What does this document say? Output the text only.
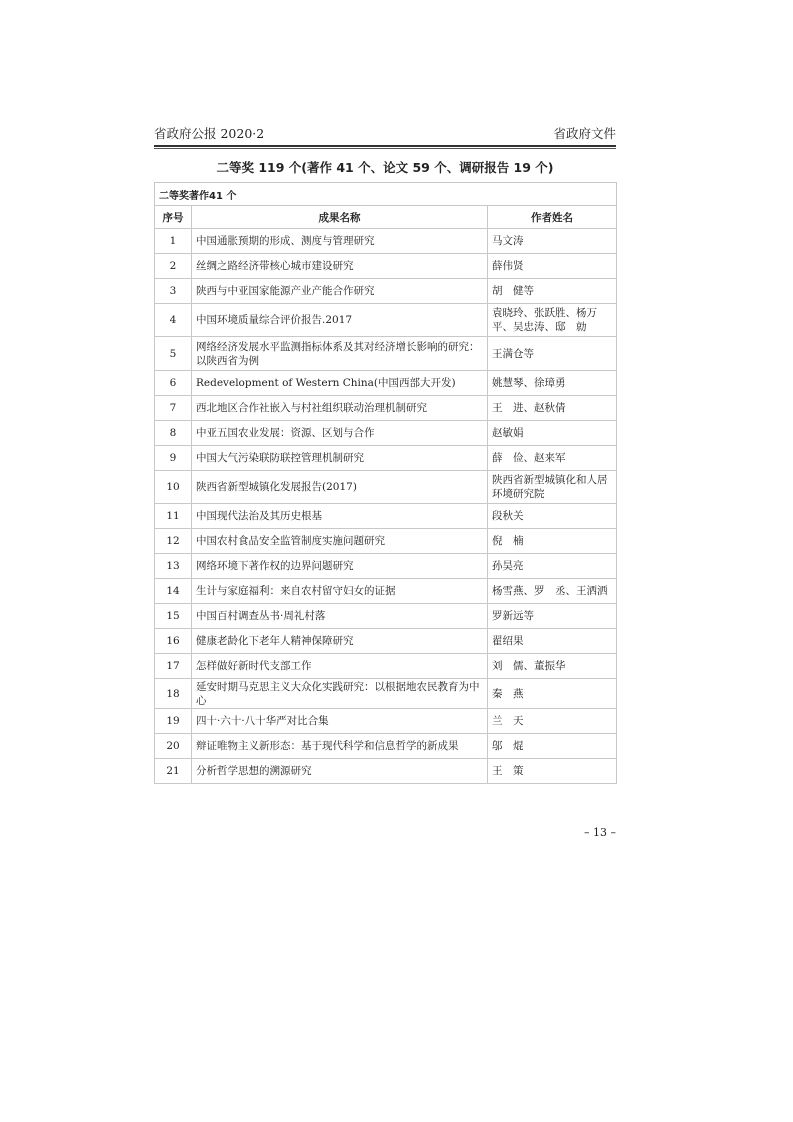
省政府公报 2020·2	省政府文件
二等奖 119 个(著作 41 个、论文 59 个、调研报告 19 个)
二等奖著作41 个		
序号	成果名称	作者姓名
1	中国通胀预期的形成、测度与管理研究	马文涛
2	丝绸之路经济带核心城市建设研究	薛伟贤
3	陕西与中亚国家能源产业产能合作研究	胡　健等
4	中国环境质量综合评价报告.2017	袁晓玲、张跃胜、杨万平、吴忠涛、邸　勍
5	网络经济发展水平监测指标体系及其对经济增长影响的研究：以陕西省为例	王满仓等
6	Redevelopment of Western China(中国西部大开发)	姚慧琴、徐璋勇
7	西北地区合作社嵌入与村社组织联动治理机制研究	王　进、赵秋倩
8	中亚五国农业发展：资源、区划与合作	赵敏娟
9	中国大气污染联防联控管理机制研究	薛　俭、赵来军
10	陕西省新型城镇化发展报告(2017)	陕西省新型城镇化和人居环境研究院
11	中国现代法治及其历史根基	段秋关
12	中国农村食品安全监管制度实施问题研究	倪　楠
13	网络环境下著作权的边界问题研究	孙昊亮
14	生计与家庭福利：来自农村留守妇女的证据	杨雪燕、罗　丞、王洒洒
15	中国百村调查丛书·周礼村落	罗新远等
16	健康老龄化下老年人精神保障研究	翟绍果
17	怎样做好新时代支部工作	刘　儒、董振华
18	延安时期马克思主义大众化实践研究：以根据地农民教育为中心	秦　燕
19	四十·六十·八十华严对比合集	兰　天
20	辩证唯物主义新形态：基于现代科学和信息哲学的新成果	邬　焜
21	分析哲学思想的溯源研究	王　策
– 13 –
